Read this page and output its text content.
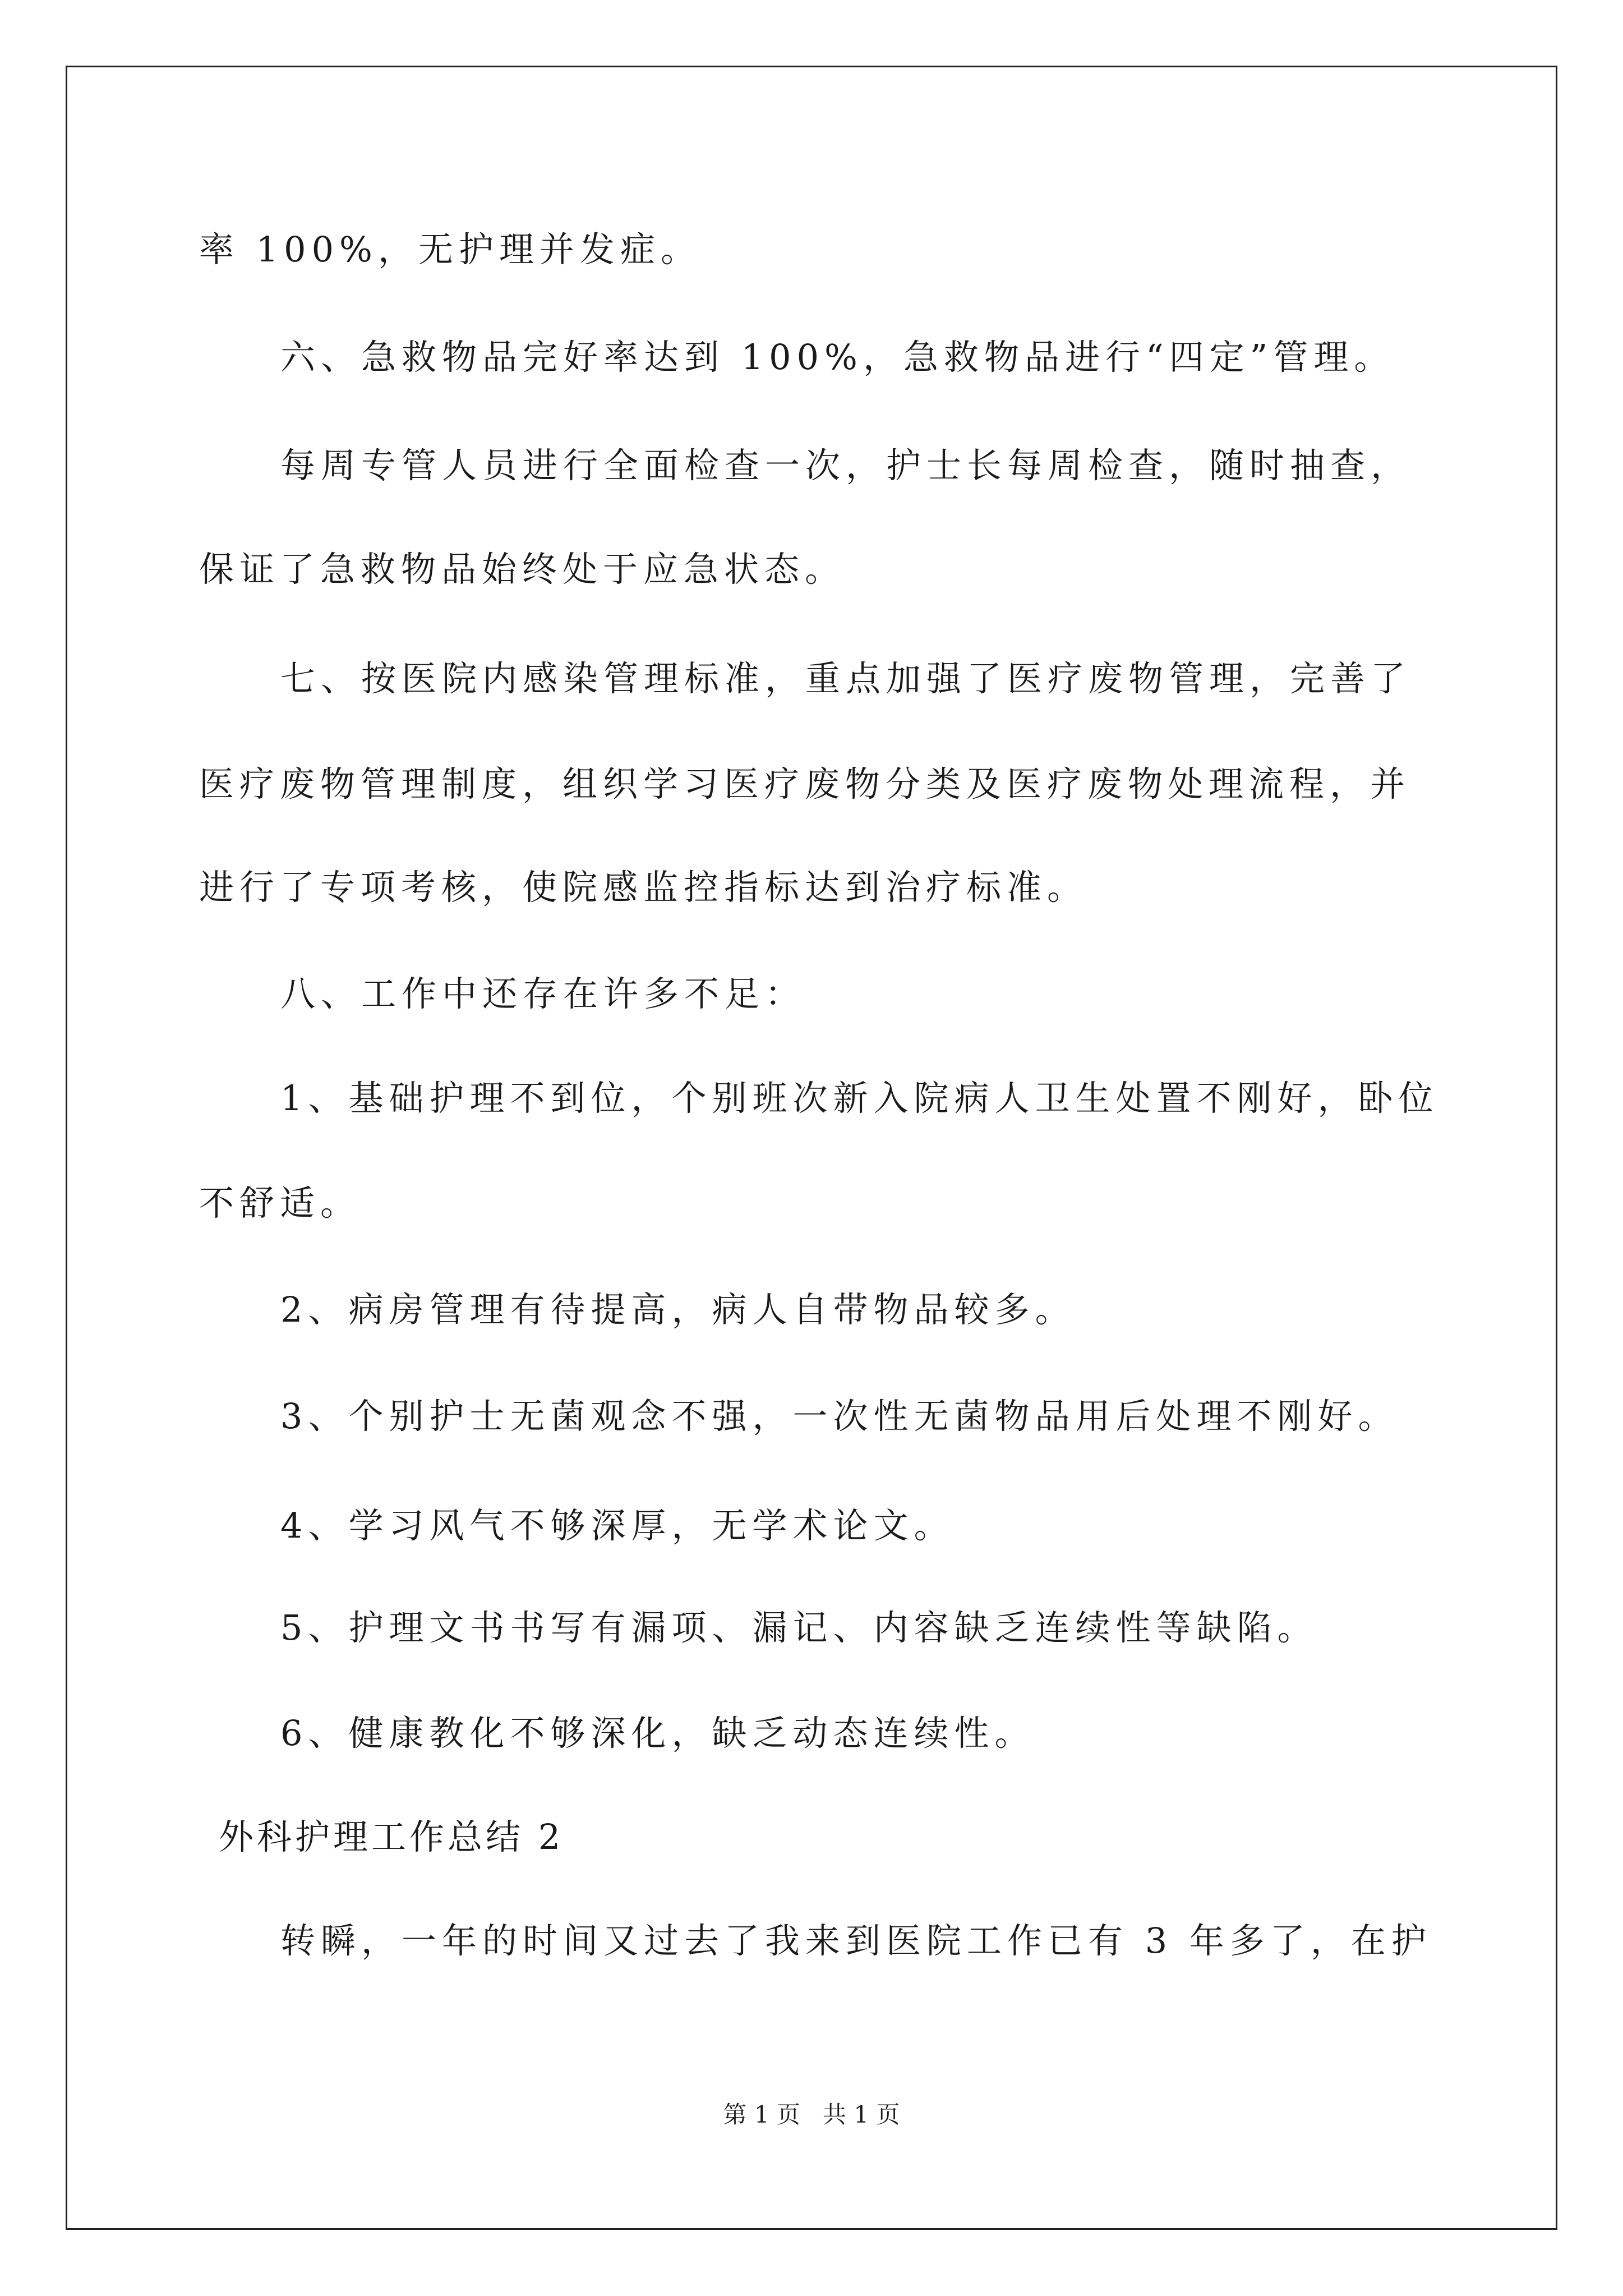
率 100%，无护理并发症。
六、急救物品完好率达到 100%，急救物品进行“四定”管理。
每周专管人员进行全面检查一次，护士长每周检查，随时抽查，
保证了急救物品始终处于应急状态。
七、按医院内感染管理标准，重点加强了医疗废物管理，完善了
医疗废物管理制度，组织学习医疗废物分类及医疗废物处理流程，并
进行了专项考核，使院感监控指标达到治疗标准。
八、工作中还存在许多不足：
1、基础护理不到位，个别班次新入院病人卫生处置不刚好，卧位
不舒适。
2、病房管理有待提高，病人自带物品较多。
3、个别护士无菌观念不强，一次性无菌物品用后处理不刚好。
4、学习风气不够深厚，无学术论文。
5、护理文书书写有漏项、漏记、内容缺乏连续性等缺陷。
6、健康教化不够深化，缺乏动态连续性。
外科护理工作总结 2
转瞬，一年的时间又过去了我来到医院工作已有 3 年多了，在护
第 1 页   共 1 页
